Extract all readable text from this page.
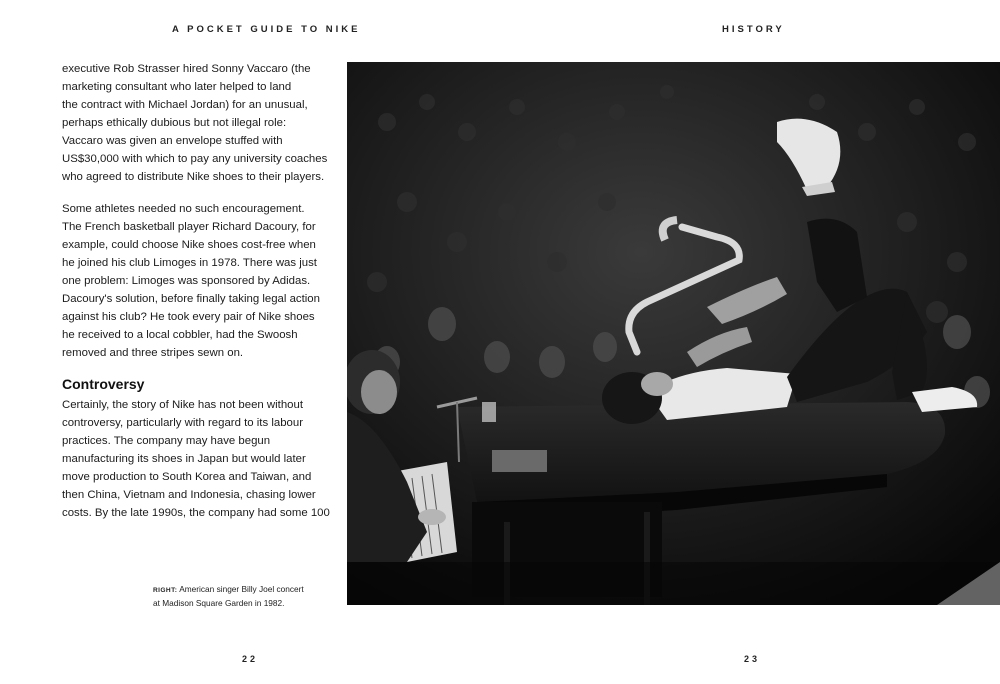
A POCKET GUIDE TO NIKE	HISTORY

executive Rob Strasser hired Sonny Vaccaro (the
marketing consultant who later helped to land
the contract with Michael Jordan) for an unusual,
perhaps ethically dubious but not illegal role:
Vaccaro was given an envelope stuffed with
US$30,000 with which to pay any university coaches
who agreed to distribute Nike shoes to their players.

Some athletes needed no such encouragement.
The French basketball player Richard Dacoury, for
example, could choose Nike shoes cost-free when
he joined his club Limoges in 1978. There was just
one problem: Limoges was sponsored by Adidas.
Dacoury's solution, before finally taking legal action
against his club? He took every pair of Nike shoes
he received to a local cobbler, had the Swoosh
removed and three stripes sewn on.

Controversy

Certainly, the story of Nike has not been without
controversy, particularly with regard to its labour
practices. The company may have begun
manufacturing its shoes in Japan but would later
move production to South Korea and Taiwan, and
then China, Vietnam and Indonesia, chasing lower
costs. By the late 1990s, the company had some 100

RIGHT: American singer Billy Joel concert
at Madison Square Garden in 1982.
22	23
